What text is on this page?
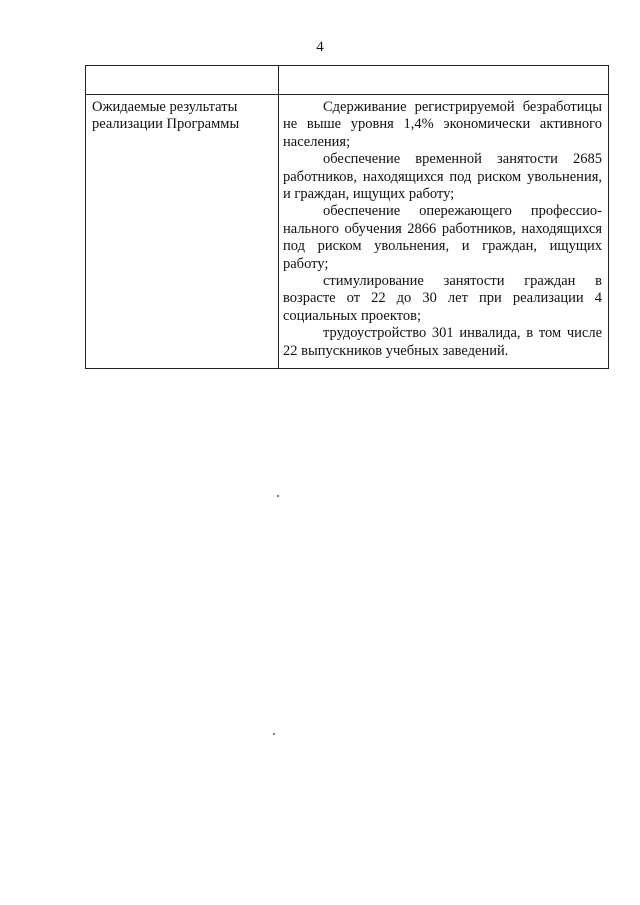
4

Ожидаемые результаты реализации Программы	Сдерживание регистрируемой безработицы не выше уровня 1,4% экономически активного населения;

обеспечение временной занятости 2685 работников, находящихся под риском увольнения, и граждан, ищущих работу;

обеспечение опережающего профессио-нального обучения 2866 работников, находящихся под риском увольнения, и граждан, ищущих работу;

стимулирование занятости граждан в возрасте от 22 до 30 лет при реализации 4 социальных проектов;

трудоустройство 301 инвалида, в том числе 22 выпускников учебных заведений.
